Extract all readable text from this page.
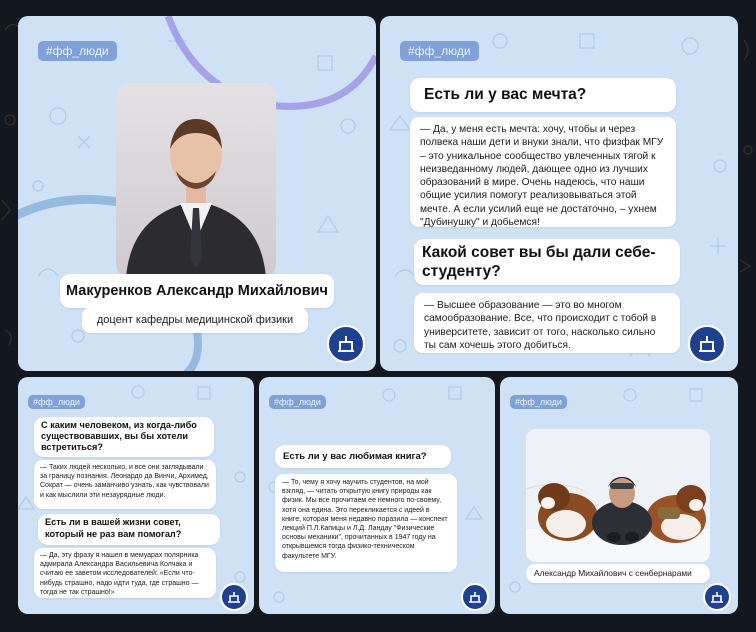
#фф_люди
Макуренков Александр Михайлович
доцент кафедры медицинской физики
#фф_люди
Есть ли у вас мечта?
— Да, у меня есть мечта: хочу, чтобы и через полвека наши дети и внуки знали, что физфак МГУ – это уникальное сообщество увлеченных тягой к неизведанному людей, дающее одно из лучших образований в мире. Очень надеюсь, что наши общие усилия помогут реализовываться этой мечте. А если усилий еще не достаточно, – ухнем "Дубинушку" и добьемся!
Какой совет вы бы дали себе-студенту?
— Высшее образование — это во многом самообразование. Все, что происходит с тобой в университете, зависит от того, насколько сильно ты сам хочешь этого добиться.
#фф_люди
С каким человеком, из когда-либо существовавших, вы бы хотели встретиться?
— Таких людей несколько, и все они заглядывали за границу познания. Леонардо да Винчи, Архимед, Сократ — очень заманчиво узнать, как чувствовали и как мыслили эти незаурядные люди.
Есть ли в вашей жизни совет, который не раз вам помогал?
— Да, эту фразу я нашел в мемуарах полярника адмирала Александра Васильевича Колчака и считаю ее заветом исследователей: «Если что-нибудь страшно, надо идти туда, где страшно — тогда не так страшно!»
#фф_люди
Есть ли у вас любимая книга?
— То, чему я хочу научить студентов, на мой взгляд, — читать открытую книгу природы как физик. Мы все прочитаем ее немного по-своему, хотя она едина. Это перекликается с идеей в книге, которая меня недавно поразила — конспект лекций П.Л.Капицы и Л.Д. Ландау "Физические основы механики", прочитанных в 1947 году на открывшемся тогда физико-техническом факультете МГУ.
#фф_люди
Александр Михайлович с сенбернарами
